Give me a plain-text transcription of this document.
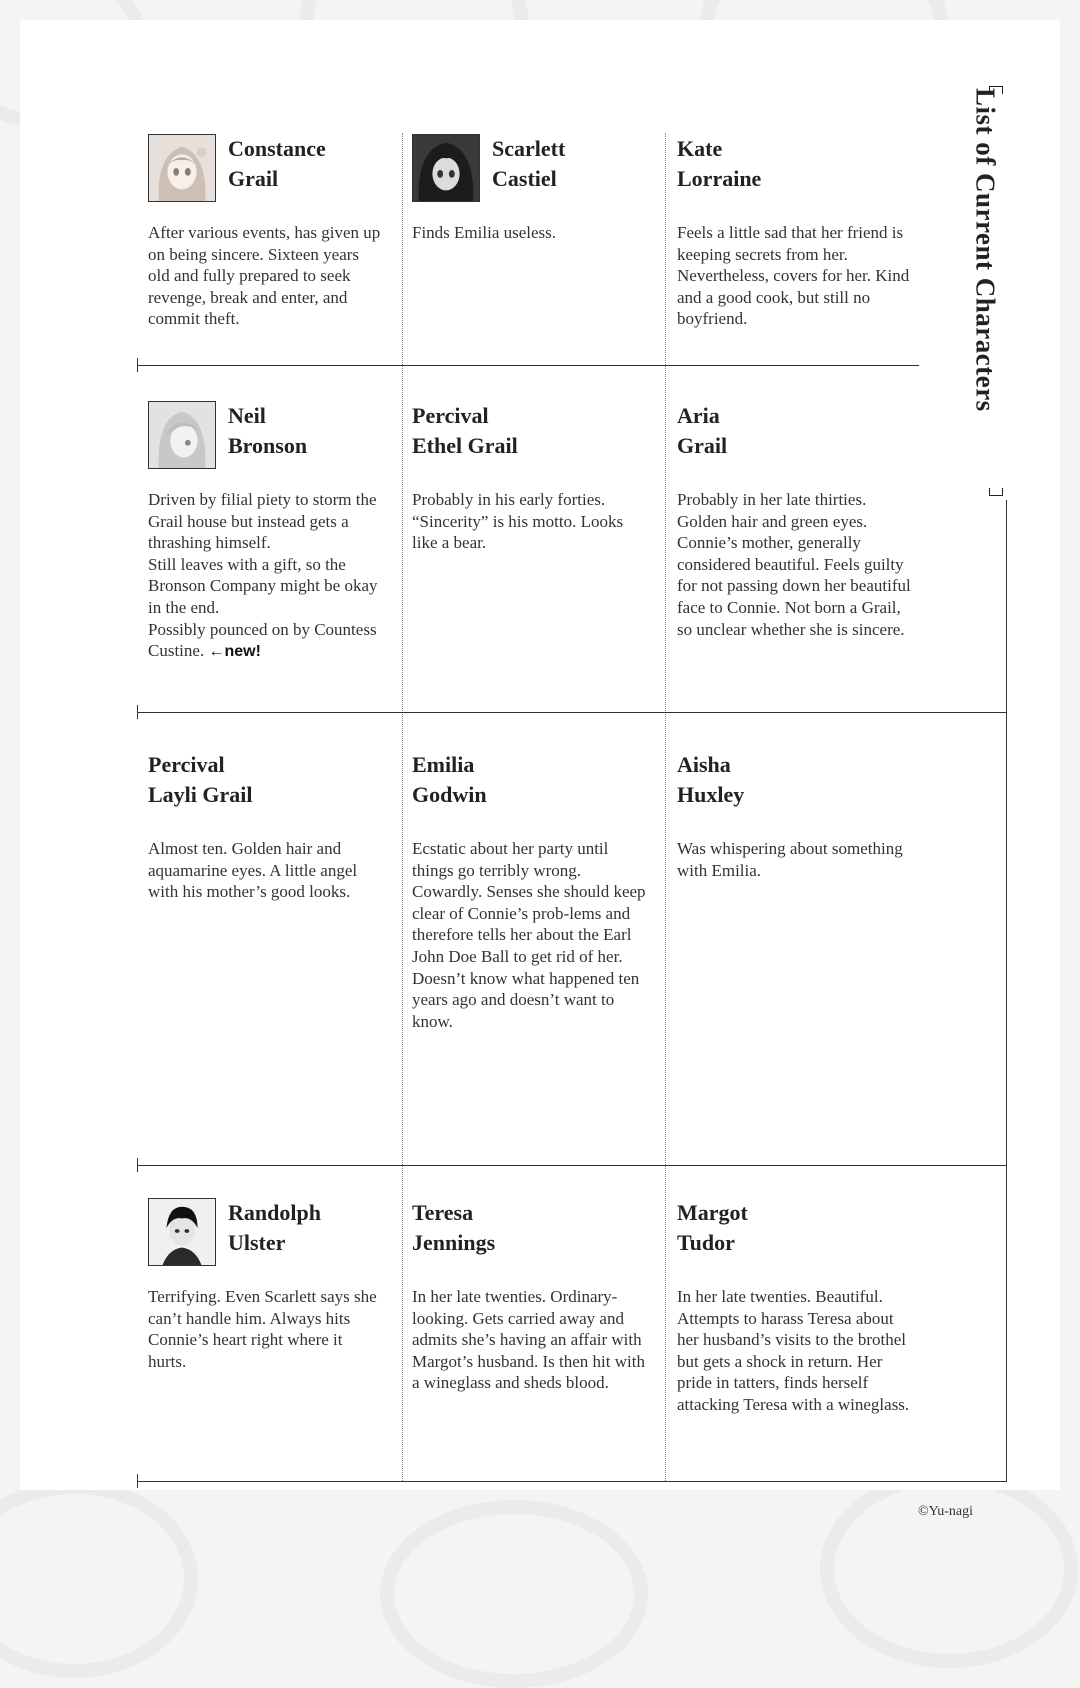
List of Current Characters
Constance
Grail

After various events, has given up on being sincere. Sixteen years old and fully prepared to seek revenge, break and enter, and commit theft.

Scarlett
Castiel

Finds Emilia useless.

Kate
Lorraine

Feels a little sad that her friend is keeping secrets from her. Nevertheless, covers for her. Kind and a good cook, but still no boyfriend.

Neil
Bronson

Driven by filial piety to storm the Grail house but instead gets a thrashing himself.

Still leaves with a gift, so the Bronson Company might be okay in the end.

Possibly pounced on by Countess Custine. ←new!

Percival
Ethel Grail

Probably in his early forties. “Sincerity” is his motto. Looks like a bear.

Aria
Grail

Probably in her late thirties. Golden hair and green eyes. Connie’s mother, generally considered beautiful. Feels guilty for not passing down her beautiful face to Connie. Not born a Grail, so unclear whether she is sincere.

Percival
Layli Grail

Almost ten. Golden hair and aquamarine eyes. A little angel with his mother’s good looks.

Emilia
Godwin

Ecstatic about her party until things go terribly wrong. Cowardly. Senses she should keep clear of Connie’s prob-lems and therefore tells her about the Earl John Doe Ball to get rid of her.

Doesn’t know what happened ten years ago and doesn’t want to know.

Aisha
Huxley

Was whispering about something with Emilia.

Randolph
Ulster

Terrifying. Even Scarlett says she can’t handle him. Always hits Connie’s heart right where it hurts.

Teresa
Jennings

In her late twenties. Ordinary-looking. Gets carried away and admits she’s having an affair with Margot’s husband. Is then hit with a wineglass and sheds blood.

Margot
Tudor

In her late twenties. Beautiful. Attempts to harass Teresa about her husband’s visits to the brothel but gets a shock in return. Her pride in tatters, finds herself attacking Teresa with a wineglass.

©Yu-nagi
